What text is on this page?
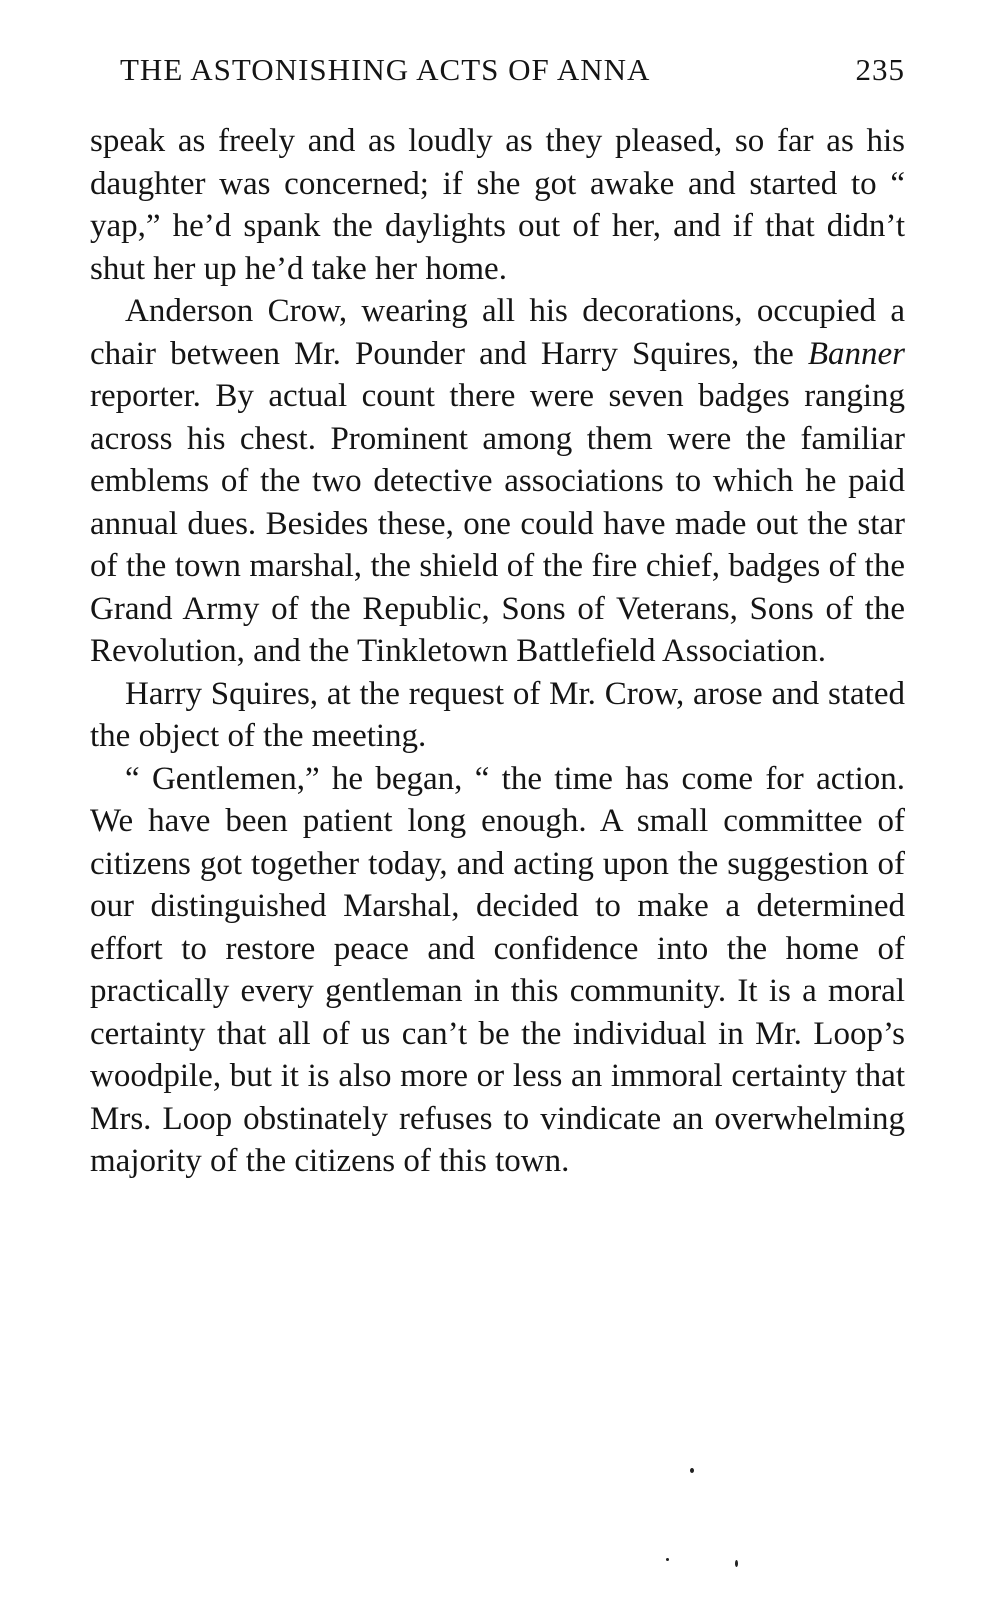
THE ASTONISHING ACTS OF ANNA	235

speak as freely and as loudly as they pleased, so far as his daughter was concerned; if she got awake and started to “ yap,” he’d spank the daylights out of her, and if that didn’t shut her up he’d take her home.

Anderson Crow, wearing all his decorations, occupied a chair between Mr. Pounder and Harry Squires, the Banner reporter. By actual count there were seven badges ranging across his chest. Prominent among them were the familiar emblems of the two detective associations to which he paid annual dues. Besides these, one could have made out the star of the town marshal, the shield of the fire chief, badges of the Grand Army of the Republic, Sons of Veterans, Sons of the Revolution, and the Tinkletown Battlefield Association.

Harry Squires, at the request of Mr. Crow, arose and stated the object of the meeting.

“ Gentlemen,” he began, “ the time has come for action. We have been patient long enough. A small committee of citizens got together today, and acting upon the suggestion of our distinguished Marshal, decided to make a determined effort to restore peace and confidence into the home of practically every gentleman in this community. It is a moral certainty that all of us can’t be the individual in Mr. Loop’s woodpile, but it is also more or less an immoral certainty that Mrs. Loop obstinately refuses to vindicate an overwhelming majority of the citizens of this town.
